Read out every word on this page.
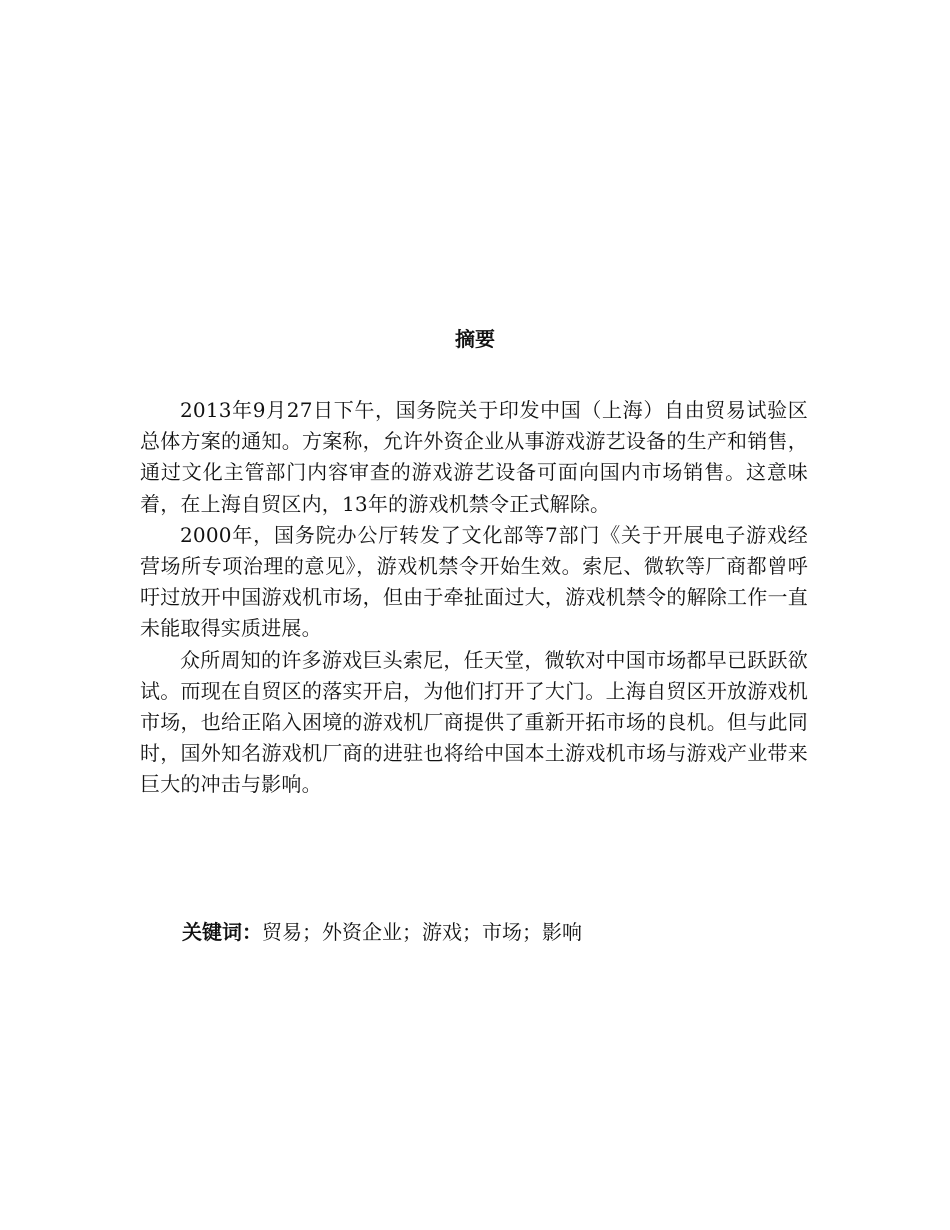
摘要

2013年9月27日下午，国务院关于印发中国（上海）自由贸易试验区总体方案的通知。方案称，允许外资企业从事游戏游艺设备的生产和销售，通过文化主管部门内容审查的游戏游艺设备可面向国内市场销售。这意味着，在上海自贸区内，13年的游戏机禁令正式解除。

2000年，国务院办公厅转发了文化部等7部门《关于开展电子游戏经营场所专项治理的意见》，游戏机禁令开始生效。索尼、微软等厂商都曾呼吁过放开中国游戏机市场，但由于牵扯面过大，游戏机禁令的解除工作一直未能取得实质进展。

众所周知的许多游戏巨头索尼，任天堂，微软对中国市场都早已跃跃欲试。而现在自贸区的落实开启，为他们打开了大门。上海自贸区开放游戏机市场，也给正陷入困境的游戏机厂商提供了重新开拓市场的良机。但与此同时，国外知名游戏机厂商的进驻也将给中国本土游戏机市场与游戏产业带来巨大的冲击与影响。

关键词：贸易；外资企业；游戏；市场；影响
